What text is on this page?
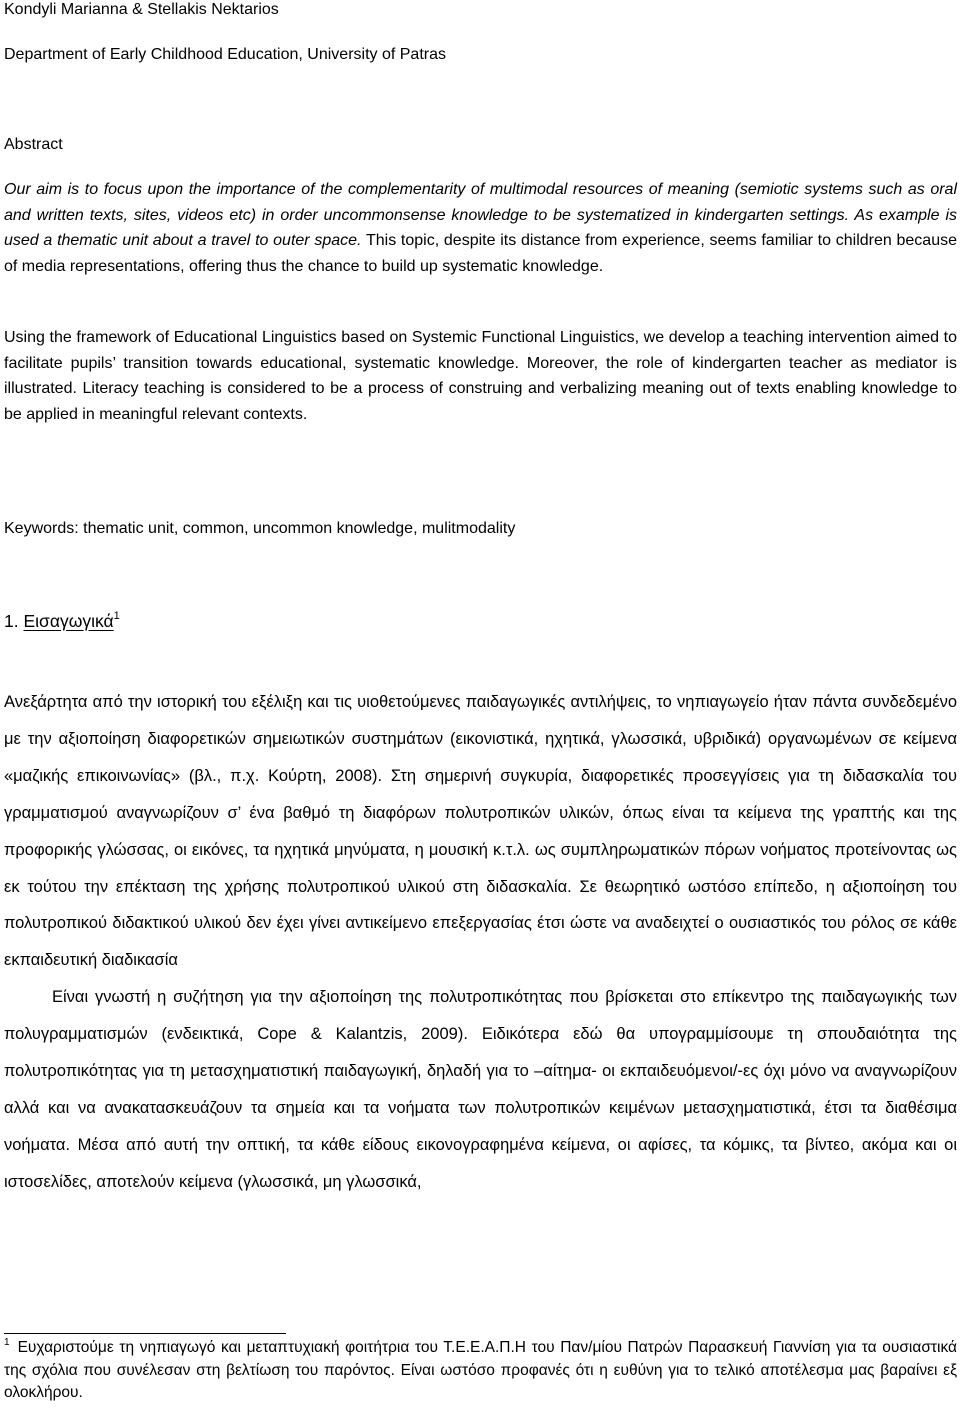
Kondyli Marianna & Stellakis Nektarios
Department of Early Childhood Education, University of Patras
Abstract

Our aim is to focus upon the importance of the complementarity of multimodal resources of meaning (semiotic systems such as oral and written texts, sites, videos etc) in order uncommonsense knowledge to be systematized in kindergarten settings. As example is used a thematic unit about a travel to outer space. This topic, despite its distance from experience, seems familiar to children because of media representations, offering thus the chance to build up systematic knowledge.

Using the framework of Educational Linguistics based on Systemic Functional Linguistics, we develop a teaching intervention aimed to facilitate pupils’ transition towards educational, systematic knowledge. Moreover, the role of kindergarten teacher as mediator is illustrated. Literacy teaching is considered to be a process of construing and verbalizing meaning out of texts enabling knowledge to be applied in meaningful relevant contexts.

Keywords: thematic unit, common, uncommon knowledge, mulitmodality
1. Εισαγωγικά$^1$

Ανεξάρτητα από την ιστορική του εξέλιξη και τις υιοθετούμενες παιδαγωγικές αντιλήψεις, το νηπιαγωγείο ήταν πάντα συνδεδεμένο με την αξιοποίηση διαφορετικών σημειωτικών συστημάτων (εικονιστικά, ηχητικά, γλωσσικά, υβριδικά) οργανωμένων σε κείμενα «μαζικής επικοινωνίας» (βλ., π.χ. Κούρτη, 2008). Στη σημερινή συγκυρία, διαφορετικές προσεγγίσεις για τη διδασκαλία του γραμματισμού αναγνωρίζουν σ’ ένα βαθμό τη διαφόρων πολυτροπικών υλικών, όπως είναι τα κείμενα της γραπτής και της προφορικής γλώσσας, οι εικόνες, τα ηχητικά μηνύματα, η μουσική κ.τ.λ. ως συμπληρωματικών πόρων νοήματος προτείνοντας ως εκ τούτου την επέκταση της χρήσης πολυτροπικού υλικού στη διδασκαλία. Σε θεωρητικό ωστόσο επίπεδο, η αξιοποίηση του πολυτροπικού διδακτικού υλικού δεν έχει γίνει αντικείμενο επεξεργασίας έτσι ώστε να αναδειχτεί ο ουσιαστικός του ρόλος σε κάθε εκπαιδευτική διαδικασία
Είναι γνωστή η συζήτηση για την αξιοποίηση της πολυτροπικότητας που βρίσκεται στο επίκεντρο της παιδαγωγικής των πολυγραμματισμών (ενδεικτικά, Cope & Kalantzis, 2009). Ειδικότερα εδώ θα υπογραμμίσουμε τη σπουδαιότητα της πολυτροπικότητας για τη μετασχηματιστική παιδαγωγική, δηλαδή για το –αίτημα- οι εκπαιδευόμενοι/-ες όχι μόνο να αναγνωρίζουν αλλά και να ανακατασκευάζουν τα σημεία και τα νοήματα των πολυτροπικών κειμένων μετασχηματιστικά, έτσι τα διαθέσιμα νοήματα. Μέσα από αυτή την οπτική, τα κάθε είδους εικονογραφημένα κείμενα, οι αφίσες, τα κόμικς, τα βίντεο, ακόμα και οι ιστοσελίδες, αποτελούν κείμενα (γλωσσικά, μη γλωσσικά,

$^1$ Ευχαριστούμε τη νηπιαγωγό και μεταπτυχιακή φοιτήτρια του Τ.Ε.Ε.Α.Π.Η του Παν/μίου Πατρών Παρασκευή Γιαννίση για τα ουσιαστικά της σχόλια που συνέλεσαν στη βελτίωση του παρόντος. Είναι ωστόσο προφανές ότι η ευθύνη για το τελικό αποτέλεσμα μας βαραίνει εξ ολοκλήρου.
